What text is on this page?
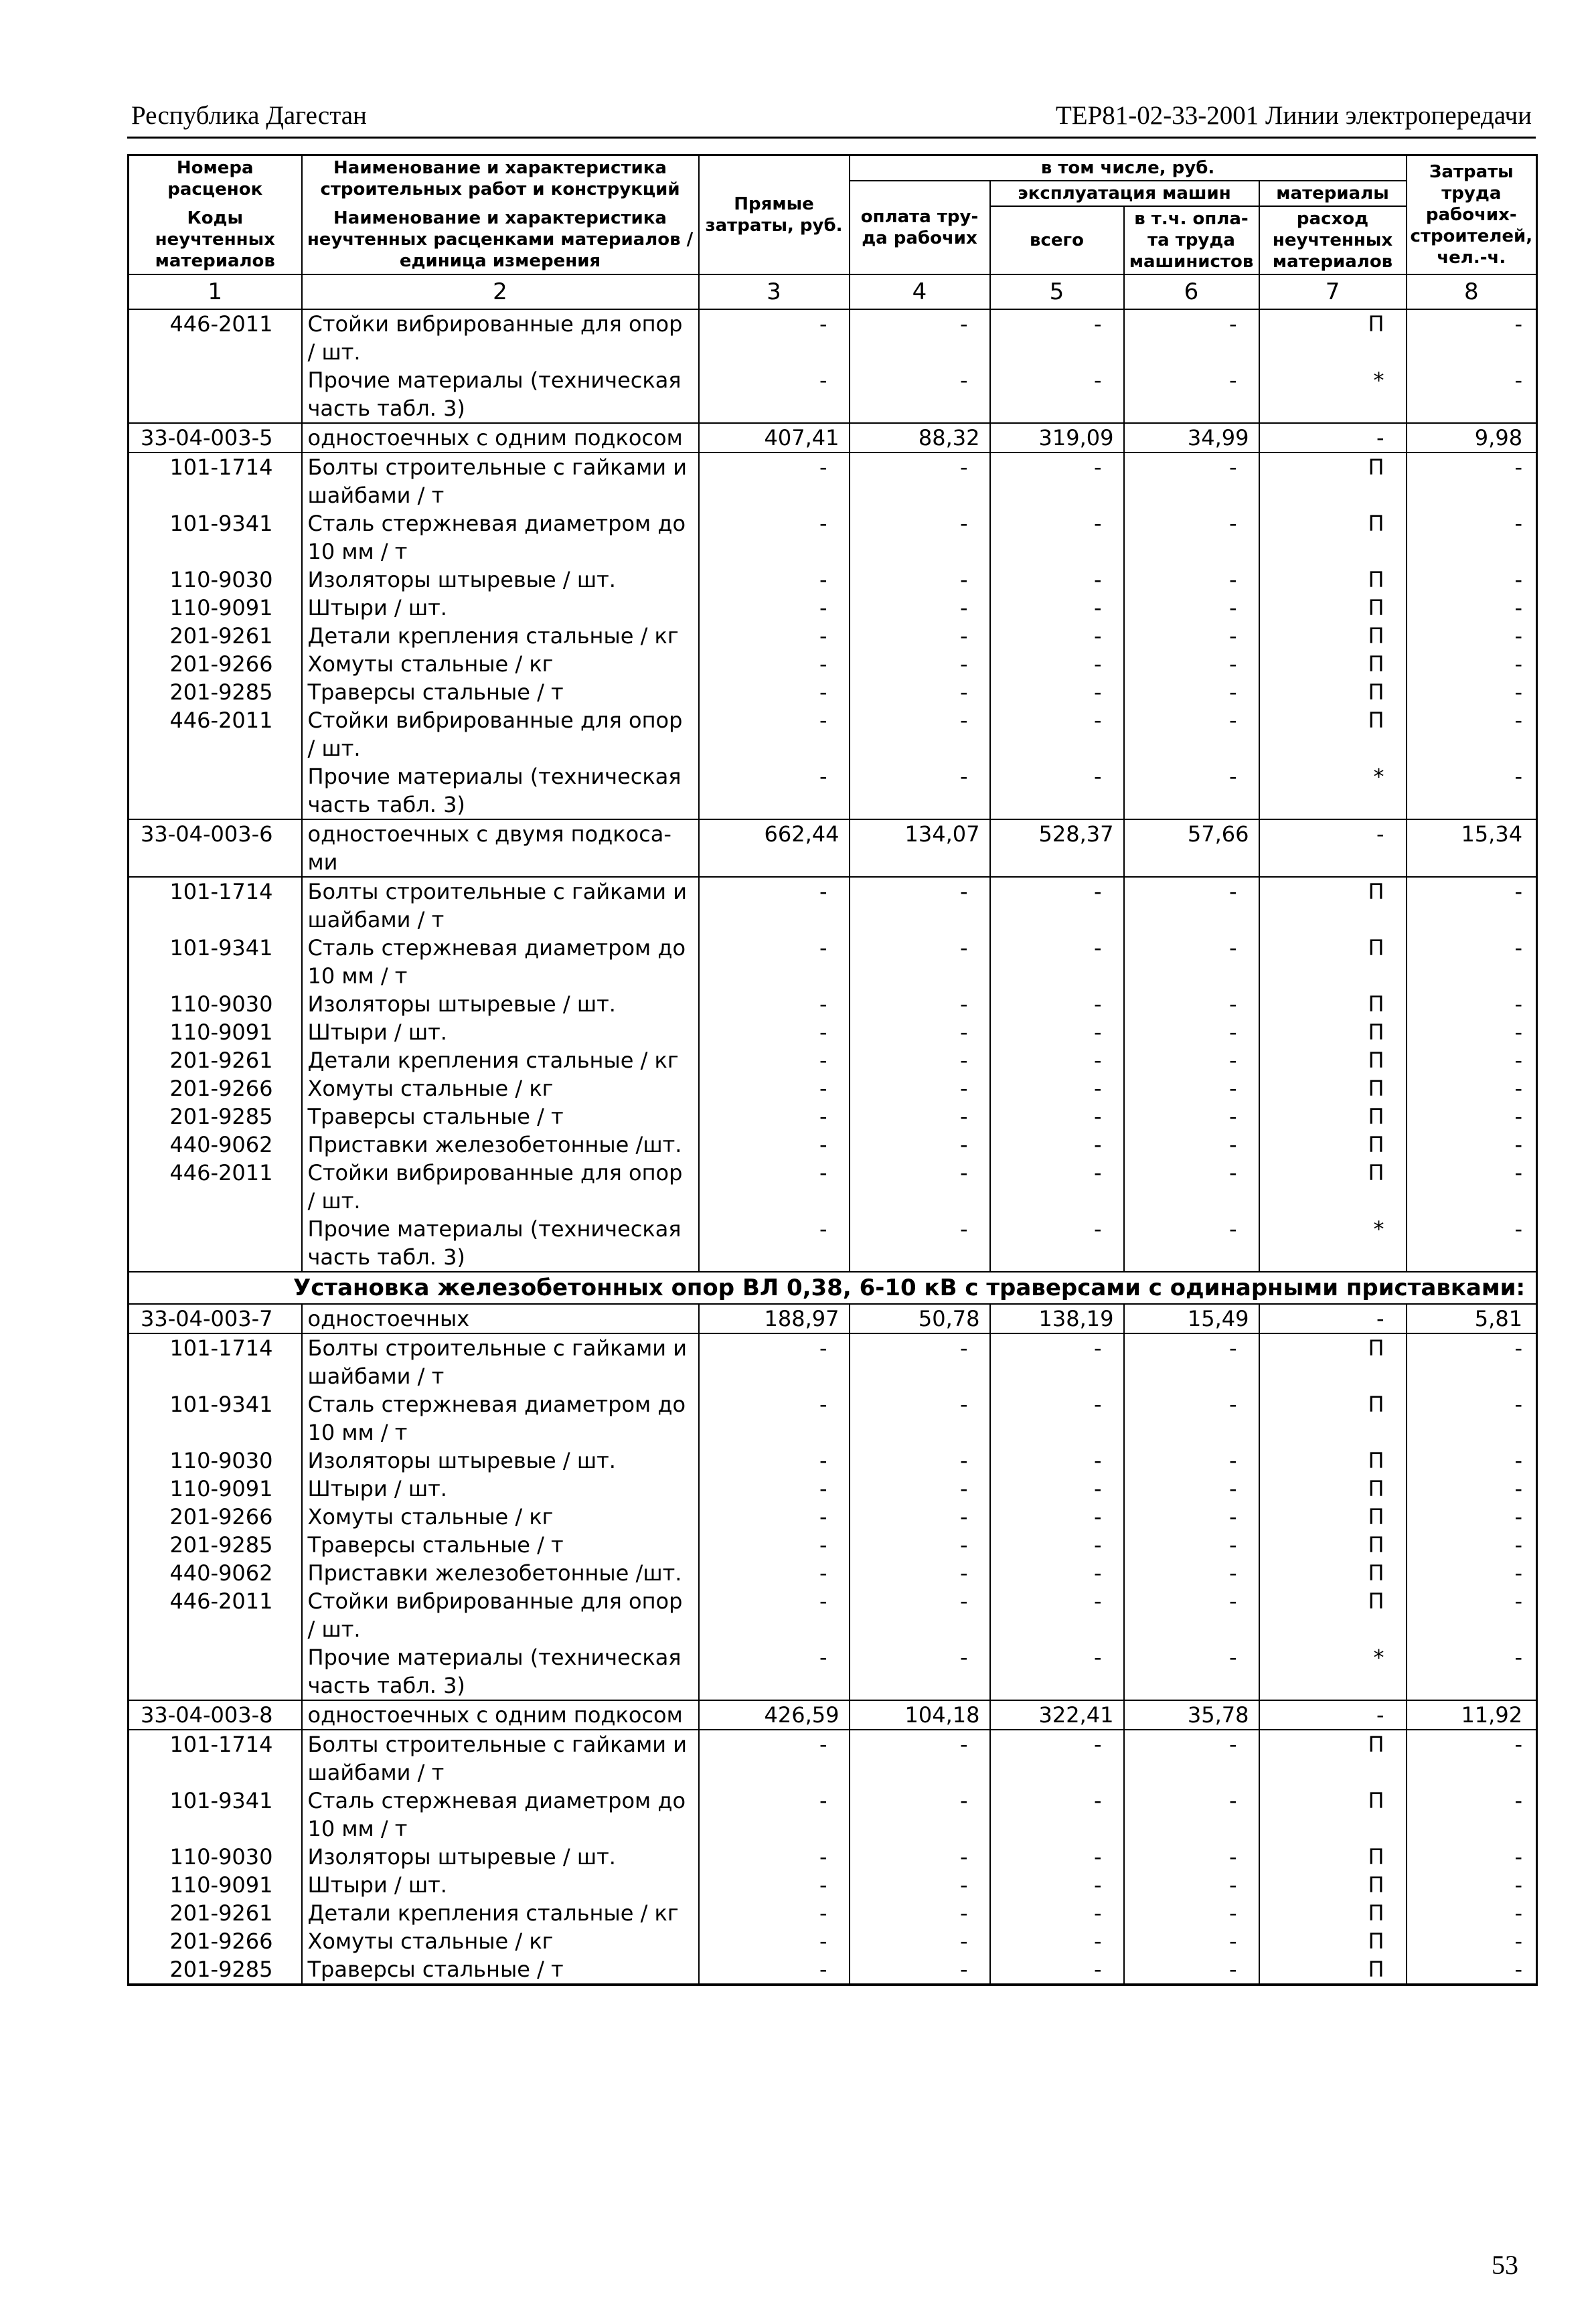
Республика Дагестан	ТЕР81-02-33-2001 Линии электропередачи
Номера расценок	Наименование и характеристика строительных работ и конструкций	Прямые затраты, руб.	в том числе, руб.				Затраты труда рабочих-строителей, чел.-ч.
			оплата тру-да рабочих	эксплуатация машин		материалы	
Коды неучтенных материалов	Наименование и характеристика неучтенных расценками материалов / единица измерения			всего	в т.ч. опла-та труда машинистов	расход неучтенных материалов	

1	2	3	4	5	6	7	8
446-2011	Стойки вибрированные для опор / шт.	-	-	-	-	П	-
	Прочие материалы (техническая часть табл. 3)	-	-	-	-	*	-
33-04-003-5	одностоечных с одним подкосом	407,41	88,32	319,09	34,99	-	9,98
101-1714	Болты строительные с гайками и шайбами / т	-	-	-	-	П	-
101-9341	Сталь стержневая диаметром до 10 мм / т	-	-	-	-	П	-
110-9030	Изоляторы штыревые / шт.	-	-	-	-	П	-
110-9091	Штыри / шт.	-	-	-	-	П	-
201-9261	Детали крепления стальные / кг	-	-	-	-	П	-
201-9266	Хомуты стальные / кг	-	-	-	-	П	-
201-9285	Траверсы стальные / т	-	-	-	-	П	-
446-2011	Стойки вибрированные для опор / шт.	-	-	-	-	П	-
	Прочие материалы (техническая часть табл. 3)	-	-	-	-	*	-
33-04-003-6	одностоечных с двумя подкоса-ми	662,44	134,07	528,37	57,66	-	15,34
101-1714	Болты строительные с гайками и шайбами / т	-	-	-	-	П	-
101-9341	Сталь стержневая диаметром до 10 мм / т	-	-	-	-	П	-
110-9030	Изоляторы штыревые / шт.	-	-	-	-	П	-
110-9091	Штыри / шт.	-	-	-	-	П	-
201-9261	Детали крепления стальные / кг	-	-	-	-	П	-
201-9266	Хомуты стальные / кг	-	-	-	-	П	-
201-9285	Траверсы стальные / т	-	-	-	-	П	-
440-9062	Приставки железобетонные /шт.	-	-	-	-	П	-
446-2011	Стойки вибрированные для опор / шт.	-	-	-	-	П	-
	Прочие материалы (техническая часть табл. 3)	-	-	-	-	*	-
Установка железобетонных опор ВЛ 0,38, 6-10 кВ с траверсами с одинарными приставками:							
33-04-003-7	одностоечных	188,97	50,78	138,19	15,49	-	5,81
101-1714	Болты строительные с гайками и шайбами / т	-	-	-	-	П	-
101-9341	Сталь стержневая диаметром до 10 мм / т	-	-	-	-	П	-
110-9030	Изоляторы штыревые / шт.	-	-	-	-	П	-
110-9091	Штыри / шт.	-	-	-	-	П	-
201-9266	Хомуты стальные / кг	-	-	-	-	П	-
201-9285	Траверсы стальные / т	-	-	-	-	П	-
440-9062	Приставки железобетонные /шт.	-	-	-	-	П	-
446-2011	Стойки вибрированные для опор / шт.	-	-	-	-	П	-
	Прочие материалы (техническая часть табл. 3)	-	-	-	-	*	-
33-04-003-8	одностоечных с одним подкосом	426,59	104,18	322,41	35,78	-	11,92
101-1714	Болты строительные с гайками и шайбами / т	-	-	-	-	П	-
101-9341	Сталь стержневая диаметром до 10 мм / т	-	-	-	-	П	-
110-9030	Изоляторы штыревые / шт.	-	-	-	-	П	-
110-9091	Штыри / шт.	-	-	-	-	П	-
201-9261	Детали крепления стальные / кг	-	-	-	-	П	-
201-9266	Хомуты стальные / кг	-	-	-	-	П	-
201-9285	Траверсы стальные / т	-	-	-	-	П	-
53
